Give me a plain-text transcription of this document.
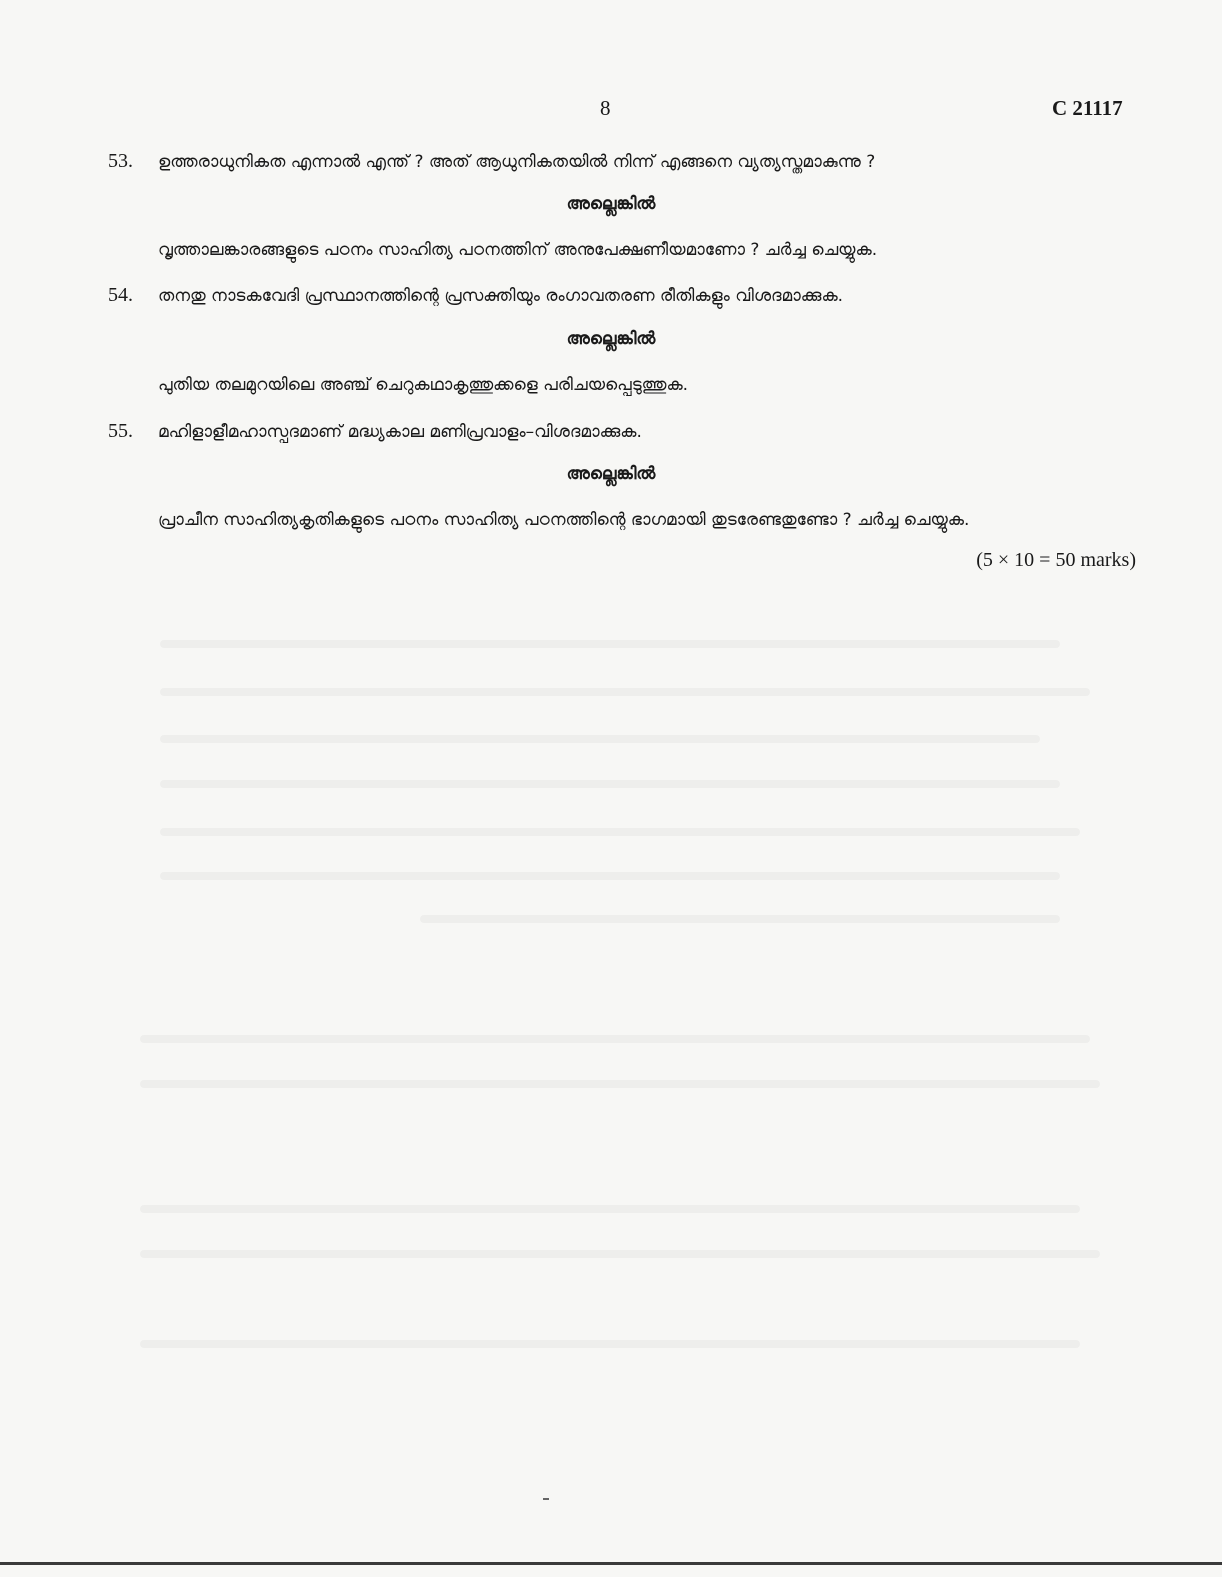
8	C 21117
53. ഉത്തരാധുനികത എന്നാൽ എന്ത് ? അത് ആധുനികതയിൽ നിന്ന് എങ്ങനെ വ്യത്യസ്തമാകുന്നു ?
അല്ലെങ്കിൽ
വൃത്താലങ്കാരങ്ങളുടെ പഠനം സാഹിത്യ പഠനത്തിന് അനുപേക്ഷണീയമാണോ ? ചർച്ച ചെയ്യുക.
54. തനതു നാടകവേദി പ്രസ്ഥാനത്തിന്റെ പ്രസക്തിയും രംഗാവതരണ രീതികളും വിശദമാക്കുക.
അല്ലെങ്കിൽ
പുതിയ തലമുറയിലെ അഞ്ച് ചെറുകഥാകൃത്തുക്കളെ പരിചയപ്പെടുത്തുക.
55. മഹിളാളീമഹാസ്പദമാണ് മദ്ധ്യകാല മണിപ്രവാളം–വിശദമാക്കുക.
അല്ലെങ്കിൽ
പ്രാചീന സാഹിത്യകൃതികളുടെ പഠനം സാഹിത്യ പഠനത്തിന്റെ ഭാഗമായി തുടരേണ്ടതുണ്ടോ ? ചർച്ച ചെയ്യുക.
(5 × 10 = 50 marks)
